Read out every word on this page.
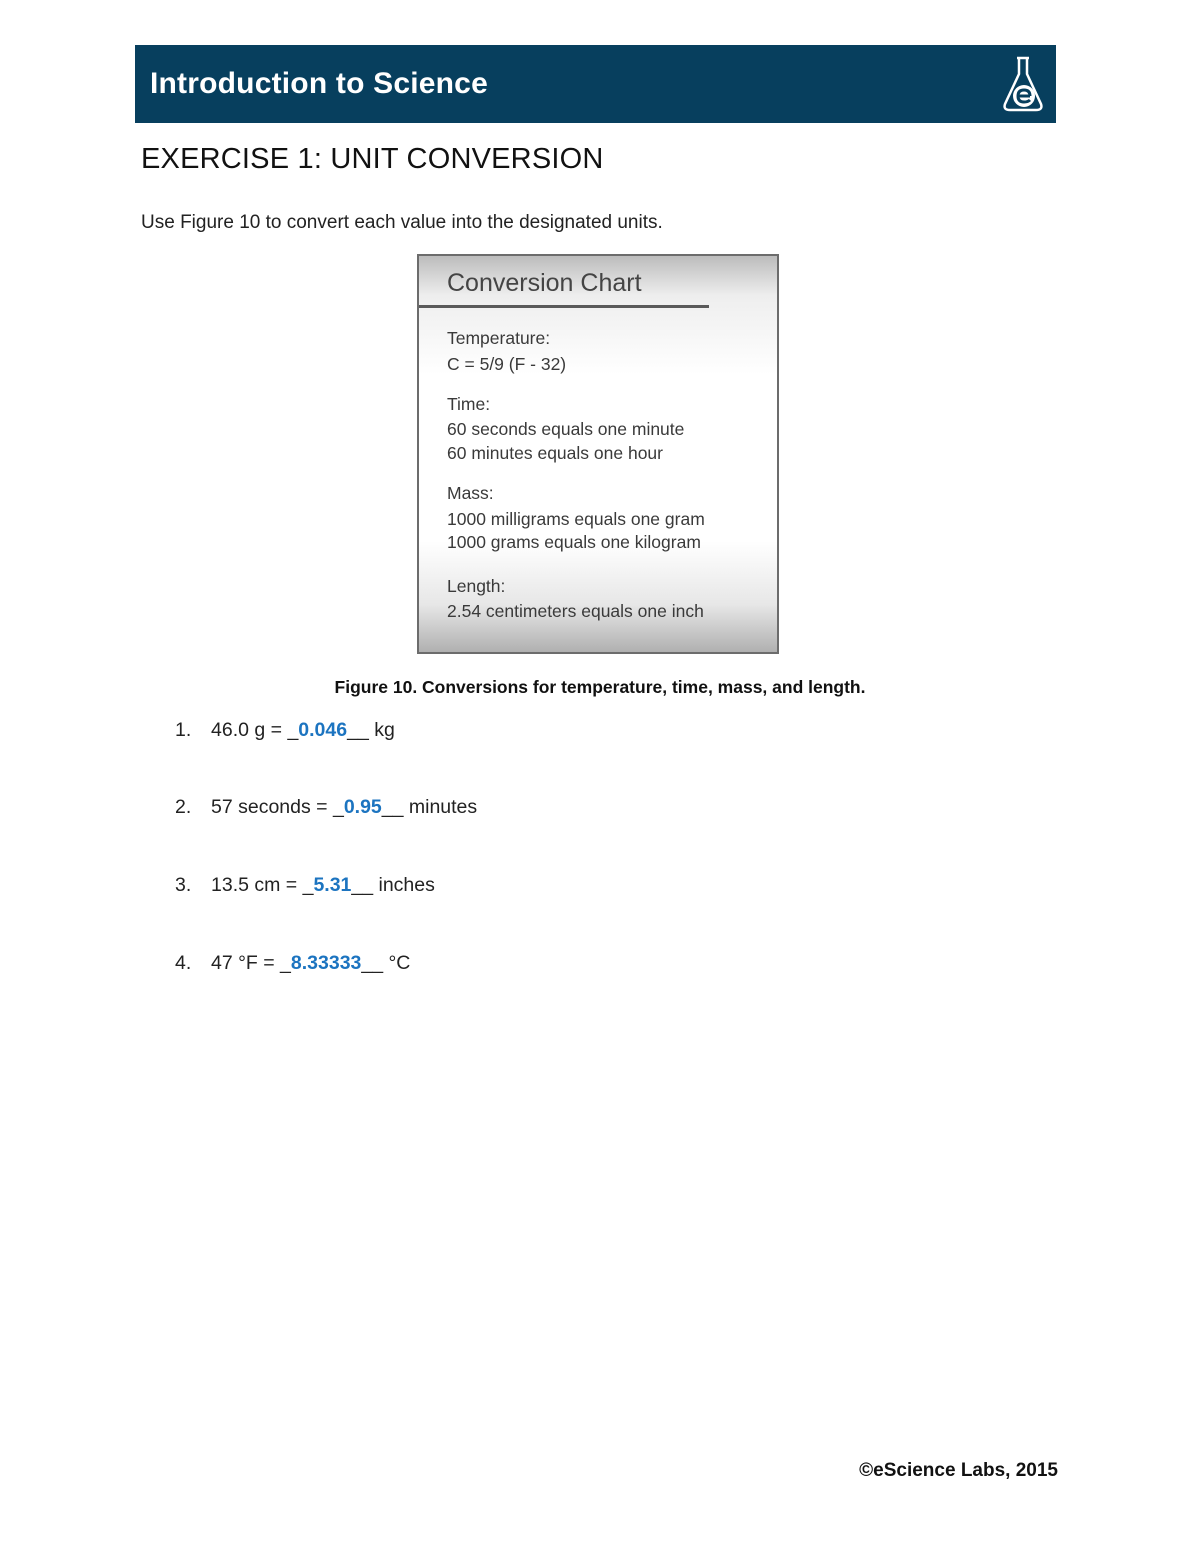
Introduction to Science
EXERCISE 1: UNIT CONVERSION
Use Figure 10 to convert each value into the designated units.
Conversion Chart
Temperature:
C = 5/9 (F - 32)
Time:
60 seconds equals one minute
60 minutes equals one hour
Mass:
1000 milligrams equals one gram
1000 grams equals one kilogram
Length:
2.54 centimeters equals one inch
Figure 10. Conversions for temperature, time, mass, and length.
1. 46.0 g = _0.046__ kg
2. 57 seconds = _0.95__ minutes
3. 13.5 cm = _5.31__ inches
4. 47 °F = _8.33333__ °C
©eScience Labs, 2015
